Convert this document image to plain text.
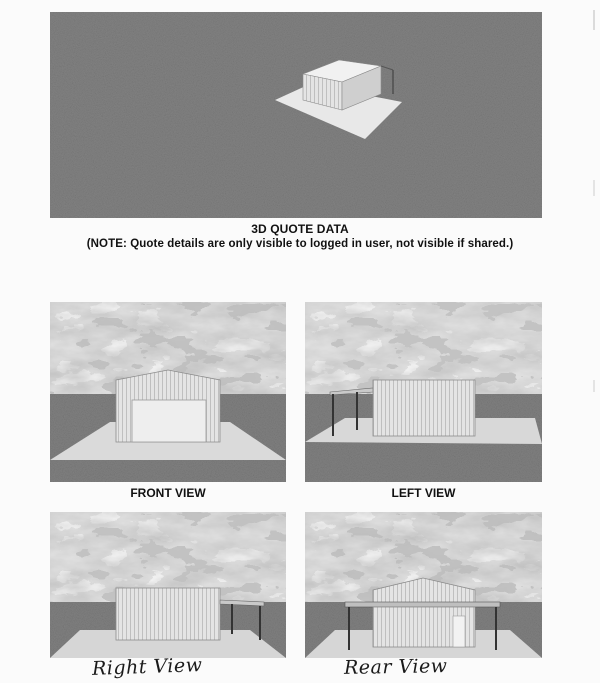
3D QUOTE DATA
(NOTE: Quote details are only visible to logged in user, not visible if shared.)
FRONT VIEW	LEFT VIEW
Right View	Rear View
